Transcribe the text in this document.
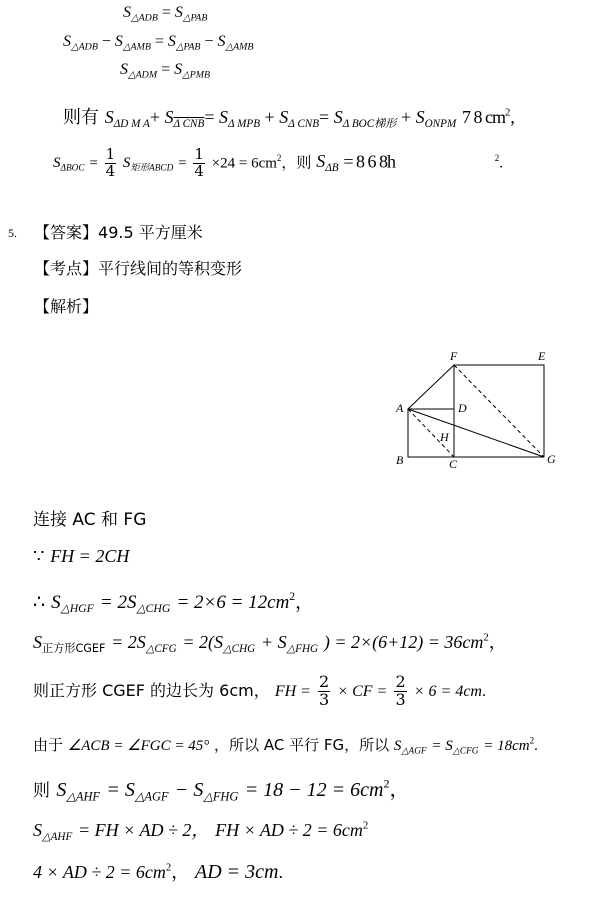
$S_{\triangle ADB} = S_{\triangle PAB}$
$S_{\triangle ADB} - S_{\triangle AMB} = S_{\triangle PAB} - S_{\triangle AMB}$
$S_{\triangle ADM} = S_{\triangle PMB}$
则有 $S_{\Delta D M A}+ S_{\Delta CNB}= S_{\Delta MPB} + S_{\Delta CNB}= S_{\Delta BOC梯形} + S_{ONPM}$ 7 8 $cm^2$,
$S_{\Delta BOC} = \frac{1}{4} S_{矩形ABCD} = \frac{1}{4} \times 24 = 6cm^2$，则 $S_{\Delta B} = 8$ 6 8h	$^2$.
5. 【答案】49.5 平方厘米
【考点】平行线间的等积变形
【解析】
F	E
A	D
H
B	C	G
连接 AC 和 FG
∵ FH = 2CH
∴ $S_{\triangle HGF} = 2S_{\triangle CHG} = 2\times 6 = 12cm^2$，
$S_{正方形CGEF} = 2S_{\triangle CFG} = 2(S_{\triangle CHG} + S_{\triangle FHG}$ ) = $2\times(6+12) = 36cm^2$，
则正方形 CGEF 的边长为 6cm， FH = $\frac{2}{3}$ × CF = $\frac{2}{3} \times 6 = 4cm$.
由于 ∠ACB = ∠FGC = 45° ，所以 AC 平行 FG，所以 $S_{\triangle AGF} = S_{\triangle CFG} = 18cm^2$.
则 $S_{\triangle AHF} = S_{\triangle AGF} - S_{\triangle FHG} = 18 - 12 = 6cm^2$，
$S_{\triangle AHF}$ = FH × AD ÷ 2， FH × AD ÷ $2 = 6cm^2$
4 × AD ÷ $2 = 6cm^2$， AD = 3cm.
